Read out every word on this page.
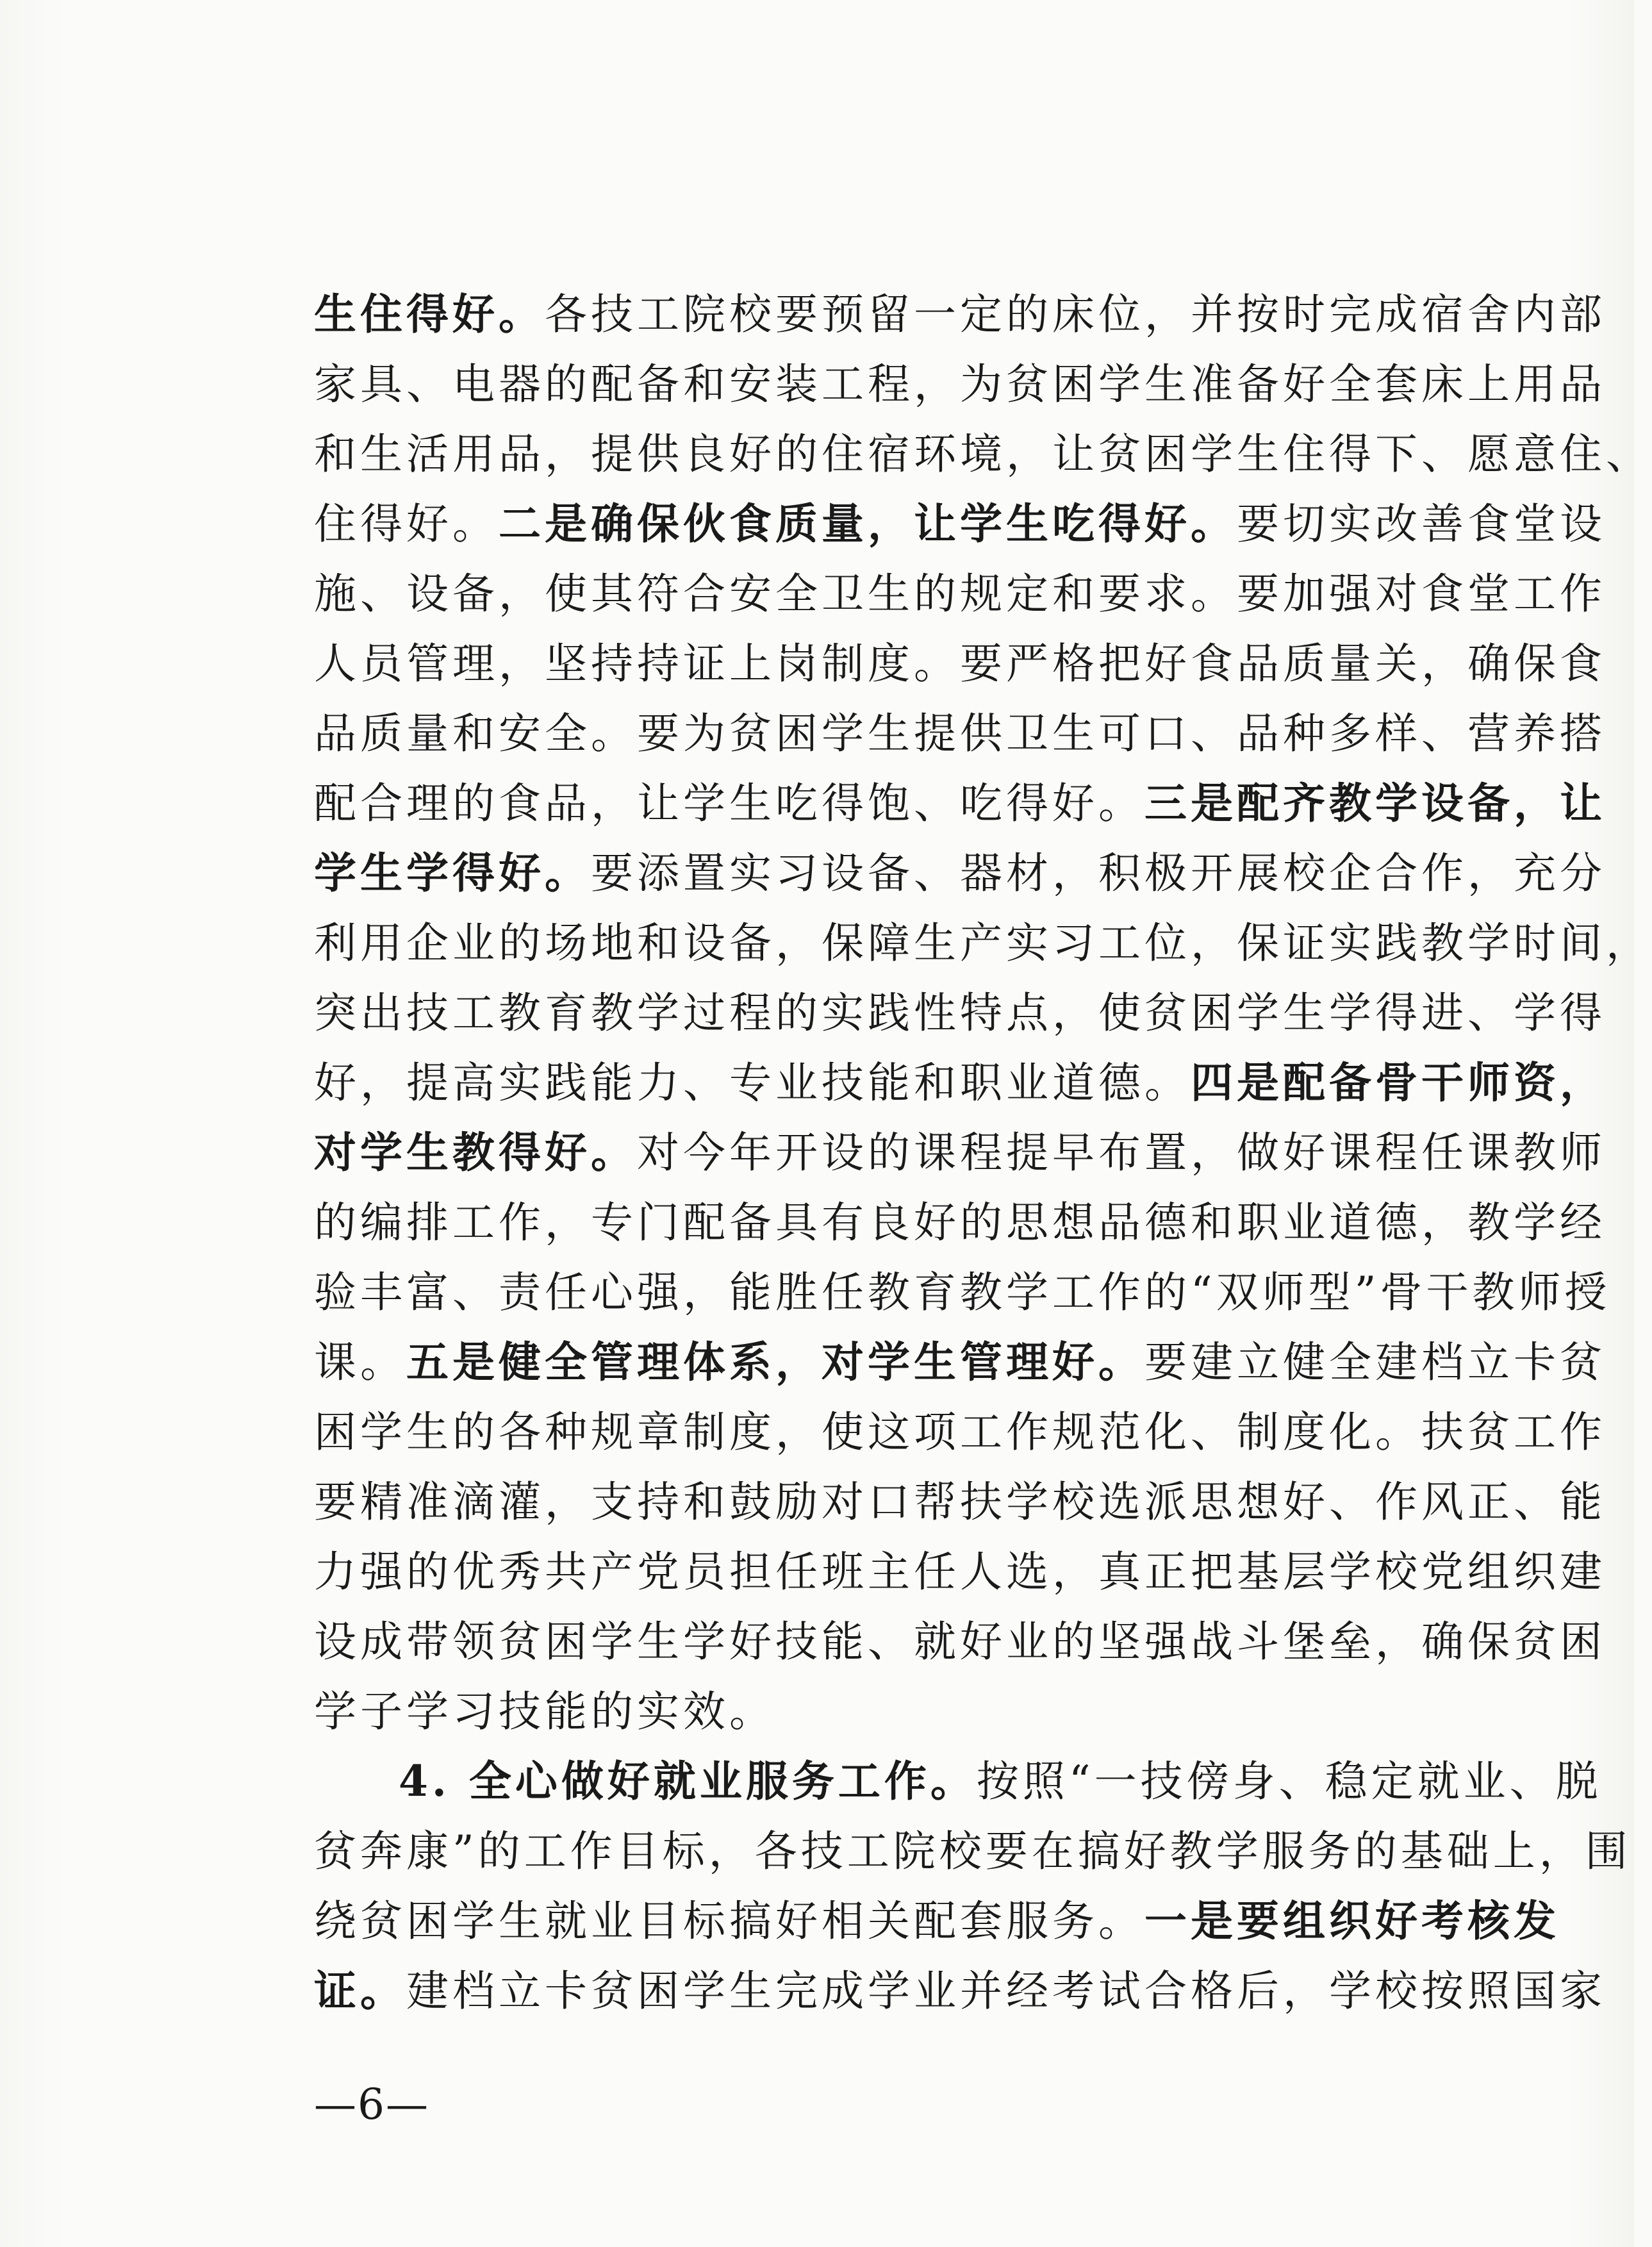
生住得好。各技工院校要预留一定的床位，并按时完成宿舍内部
家具、电器的配备和安装工程，为贫困学生准备好全套床上用品
和生活用品，提供良好的住宿环境，让贫困学生住得下、愿意住、
住得好。二是确保伙食质量，让学生吃得好。要切实改善食堂设
施、设备，使其符合安全卫生的规定和要求。要加强对食堂工作
人员管理，坚持持证上岗制度。要严格把好食品质量关，确保食
品质量和安全。要为贫困学生提供卫生可口、品种多样、营养搭
配合理的食品，让学生吃得饱、吃得好。三是配齐教学设备，让
学生学得好。要添置实习设备、器材，积极开展校企合作，充分
利用企业的场地和设备，保障生产实习工位，保证实践教学时间，
突出技工教育教学过程的实践性特点，使贫困学生学得进、学得
好，提高实践能力、专业技能和职业道德。四是配备骨干师资，
对学生教得好。对今年开设的课程提早布置，做好课程任课教师
的编排工作，专门配备具有良好的思想品德和职业道德，教学经
验丰富、责任心强，能胜任教育教学工作的“双师型”骨干教师授
课。五是健全管理体系，对学生管理好。要建立健全建档立卡贫
困学生的各种规章制度，使这项工作规范化、制度化。扶贫工作
要精准滴灌，支持和鼓励对口帮扶学校选派思想好、作风正、能
力强的优秀共产党员担任班主任人选，真正把基层学校党组织建
设成带领贫困学生学好技能、就好业的坚强战斗堡垒，确保贫困
学子学习技能的实效。
4. 全心做好就业服务工作。按照“一技傍身、稳定就业、脱
贫奔康”的工作目标，各技工院校要在搞好教学服务的基础上，围
绕贫困学生就业目标搞好相关配套服务。一是要组织好考核发
证。建档立卡贫困学生完成学业并经考试合格后，学校按照国家
—6—
